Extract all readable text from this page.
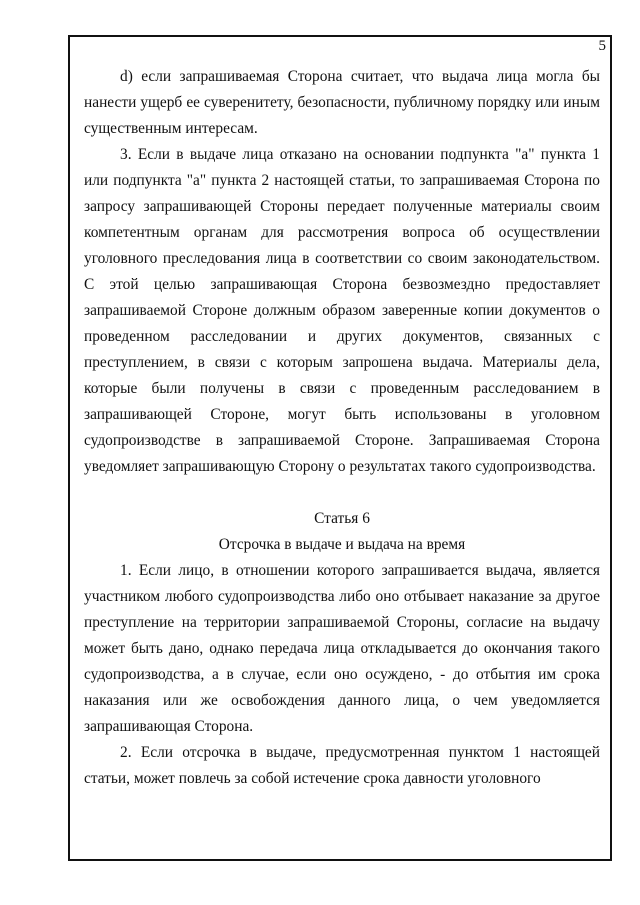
5

d) если запрашиваемая Сторона считает, что выдача лица могла бы нанести ущерб ее суверенитету, безопасности, публичному порядку или иным существенным интересам.

3. Если в выдаче лица отказано на основании подпункта "а" пункта 1 или подпункта "а" пункта 2 настоящей статьи, то запрашиваемая Сторона по запросу запрашивающей Стороны передает полученные материалы своим компетентным органам для рассмотрения вопроса об осуществлении уголовного преследования лица в соответствии со своим законодательством. С этой целью запрашивающая Сторона безвозмездно предоставляет запрашиваемой Стороне должным образом заверенные копии документов о проведенном расследовании и других документов, связанных с преступлением, в связи с которым запрошена выдача. Материалы дела, которые были получены в связи с проведенным расследованием в запрашивающей Стороне, могут быть использованы в уголовном судопроизводстве в запрашиваемой Стороне. Запрашиваемая Сторона уведомляет запрашивающую Сторону о результатах такого судопроизводства.

Статья 6

Отсрочка в выдаче и выдача на время

1. Если лицо, в отношении которого запрашивается выдача, является участником любого судопроизводства либо оно отбывает наказание за другое преступление на территории запрашиваемой Стороны, согласие на выдачу может быть дано, однако передача лица откладывается до окончания такого судопроизводства, а в случае, если оно осуждено, - до отбытия им срока наказания или же освобождения данного лица, о чем уведомляется запрашивающая Сторона.

2. Если отсрочка в выдаче, предусмотренная пунктом 1 настоящей статьи, может повлечь за собой истечение срока давности уголовного
